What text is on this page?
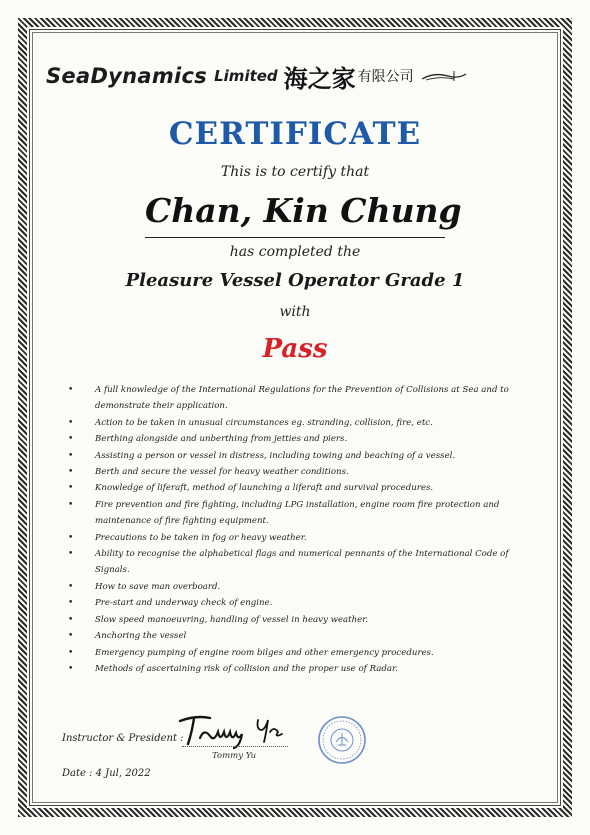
SeaDynamics Limited 海之家 有限公司
CERTIFICATE
This is to certify that
Chan, Kin Chung
has completed the
Pleasure Vessel Operator Grade 1
with
Pass
• A full knowledge of the International Regulations for the Prevention of Collisions at Sea and to demonstrate their application.
• Action to be taken in unusual circumstances eg. stranding, collision, fire, etc.
• Berthing alongside and unberthing from jetties and piers.
• Assisting a person or vessel in distress, including towing and beaching of a vessel.
• Berth and secure the vessel for heavy weather conditions.
• Knowledge of liferaft, method of launching a liferaft and survival procedures.
• Fire prevention and fire fighting, including LPG installation, engine room fire protection and maintenance of fire fighting equipment.
• Precautions to be taken in fog or heavy weather.
• Ability to recognise the alphabetical flags and numerical pennants of the International Code of Signals.
• How to save man overboard.
• Pre-start and underway check of engine.
• Slow speed manoeuvring, handling of vessel in heavy weather.
• Anchoring the vessel
• Emergency pumping of engine room bilges and other emergency procedures.
• Methods of ascertaining risk of collision and the proper use of Radar.
Instructor & President :
Tommy Yu
Date : 4 Jul, 2022
